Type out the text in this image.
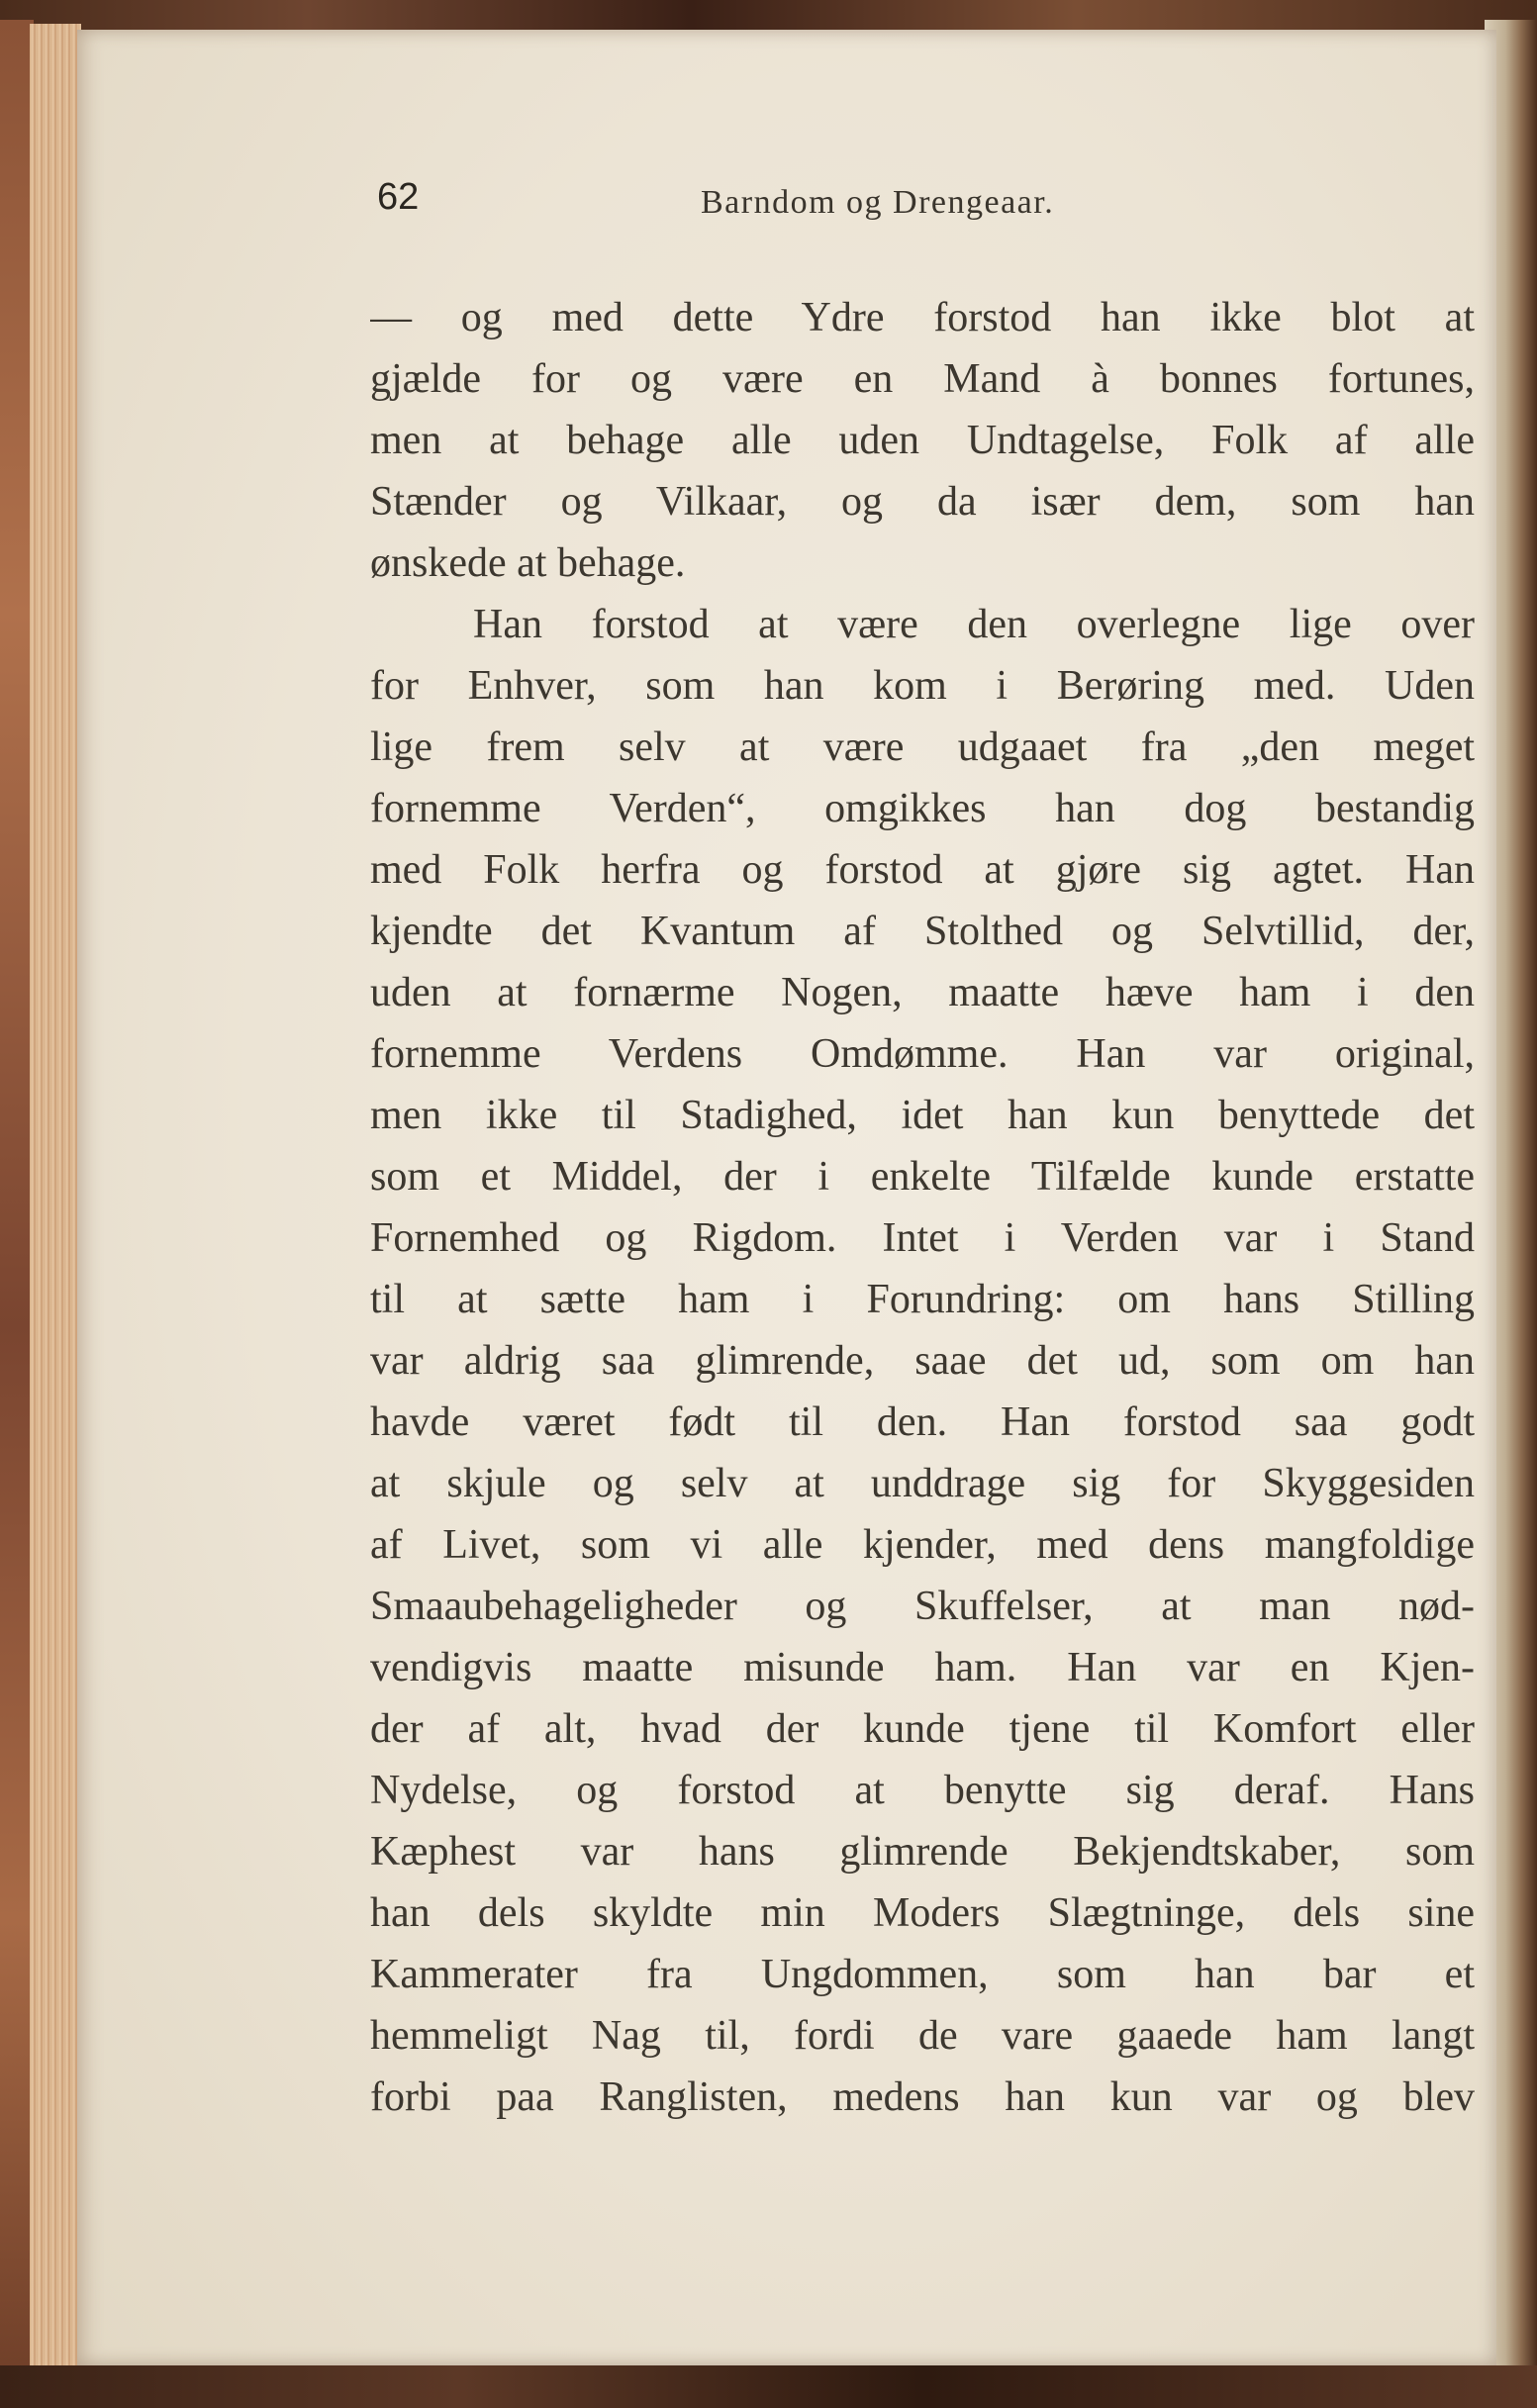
62	Barndom og Drengeaar.
— og med dette Ydre forstod han ikke blot at
gjælde for og være en Mand à bonnes fortunes,
men at behage alle uden Undtagelse, Folk af alle
Stænder og Vilkaar, og da især dem, som han
ønskede at behage.
Han forstod at være den overlegne lige over
for Enhver, som han kom i Berøring med. Uden
lige frem selv at være udgaaet fra „den meget
fornemme Verden“, omgikkes han dog bestandig
med Folk herfra og forstod at gjøre sig agtet. Han
kjendte det Kvantum af Stolthed og Selvtillid, der,
uden at fornærme Nogen, maatte hæve ham i den
fornemme Verdens Omdømme. Han var original,
men ikke til Stadighed, idet han kun benyttede det
som et Middel, der i enkelte Tilfælde kunde erstatte
Fornemhed og Rigdom. Intet i Verden var i Stand
til at sætte ham i Forundring: om hans Stilling
var aldrig saa glimrende, saae det ud, som om han
havde været født til den. Han forstod saa godt
at skjule og selv at unddrage sig for Skyggesiden
af Livet, som vi alle kjender, med dens mangfoldige
Smaaubehageligheder og Skuffelser, at man nød-
vendigvis maatte misunde ham. Han var en Kjen-
der af alt, hvad der kunde tjene til Komfort eller
Nydelse, og forstod at benytte sig deraf. Hans
Kæphest var hans glimrende Bekjendtskaber, som
han dels skyldte min Moders Slægtninge, dels sine
Kammerater fra Ungdommen, som han bar et
hemmeligt Nag til, fordi de vare gaaede ham langt
forbi paa Ranglisten, medens han kun var og blev
